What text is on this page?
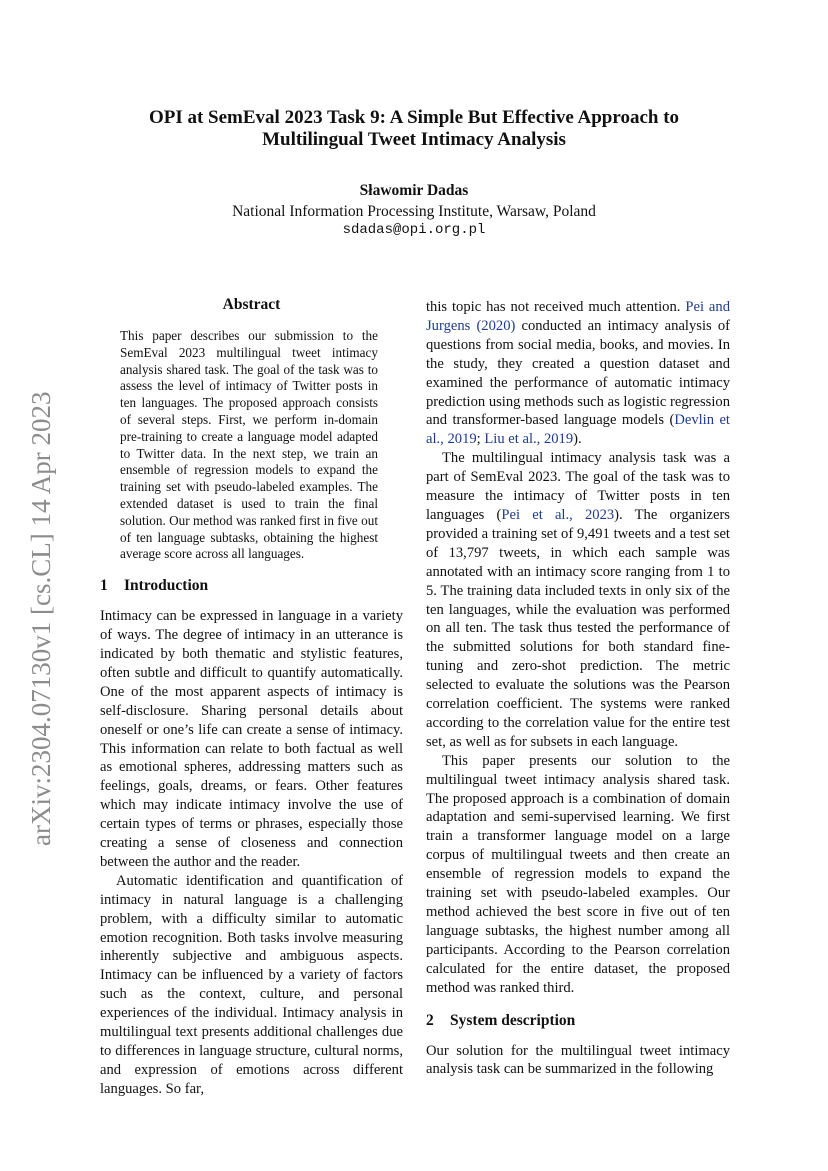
arXiv:2304.07130v1 [cs.CL] 14 Apr 2023
OPI at SemEval 2023 Task 9: A Simple But Effective Approach to
Multilingual Tweet Intimacy Analysis
Sławomir Dadas
National Information Processing Institute, Warsaw, Poland
sdadas@opi.org.pl
Abstract

This paper describes our submission to the SemEval 2023 multilingual tweet intimacy analysis shared task. The goal of the task was to assess the level of intimacy of Twitter posts in ten languages. The proposed approach consists of several steps. First, we perform in-domain pre-training to create a language model adapted to Twitter data. In the next step, we train an ensemble of regression models to expand the training set with pseudo-labeled examples. The extended dataset is used to train the final solution. Our method was ranked first in five out of ten language subtasks, obtaining the highest average score across all languages.

1 Introduction

Intimacy can be expressed in language in a variety of ways. The degree of intimacy in an utterance is indicated by both thematic and stylistic features, often subtle and difficult to quantify automatically. One of the most apparent aspects of intimacy is self-disclosure. Sharing personal details about oneself or one’s life can create a sense of intimacy. This information can relate to both factual as well as emotional spheres, addressing matters such as feelings, goals, dreams, or fears. Other features which may indicate intimacy involve the use of certain types of terms or phrases, especially those creating a sense of closeness and connection between the author and the reader.

Automatic identification and quantification of intimacy in natural language is a challenging problem, with a difficulty similar to automatic emotion recognition. Both tasks involve measuring inherently subjective and ambiguous aspects. Intimacy can be influenced by a variety of factors such as the context, culture, and personal experiences of the individual. Intimacy analysis in multilingual text presents additional challenges due to differences in language structure, cultural norms, and expression of emotions across different languages. So far,

this topic has not received much attention. Pei and Jurgens (2020) conducted an intimacy analysis of questions from social media, books, and movies. In the study, they created a question dataset and examined the performance of automatic intimacy prediction using methods such as logistic regression and transformer-based language models (Devlin et al., 2019; Liu et al., 2019).

The multilingual intimacy analysis task was a part of SemEval 2023. The goal of the task was to measure the intimacy of Twitter posts in ten languages (Pei et al., 2023). The organizers provided a training set of 9,491 tweets and a test set of 13,797 tweets, in which each sample was annotated with an intimacy score ranging from 1 to 5. The training data included texts in only six of the ten languages, while the evaluation was performed on all ten. The task thus tested the performance of the submitted solutions for both standard fine-tuning and zero-shot prediction. The metric selected to evaluate the solutions was the Pearson correlation coefficient. The systems were ranked according to the correlation value for the entire test set, as well as for subsets in each language.

This paper presents our solution to the multilingual tweet intimacy analysis shared task. The proposed approach is a combination of domain adaptation and semi-supervised learning. We first train a transformer language model on a large corpus of multilingual tweets and then create an ensemble of regression models to expand the training set with pseudo-labeled examples. Our method achieved the best score in five out of ten language subtasks, the highest number among all participants. According to the Pearson correlation calculated for the entire dataset, the proposed method was ranked third.

2 System description

Our solution for the multilingual tweet intimacy analysis task can be summarized in the following
